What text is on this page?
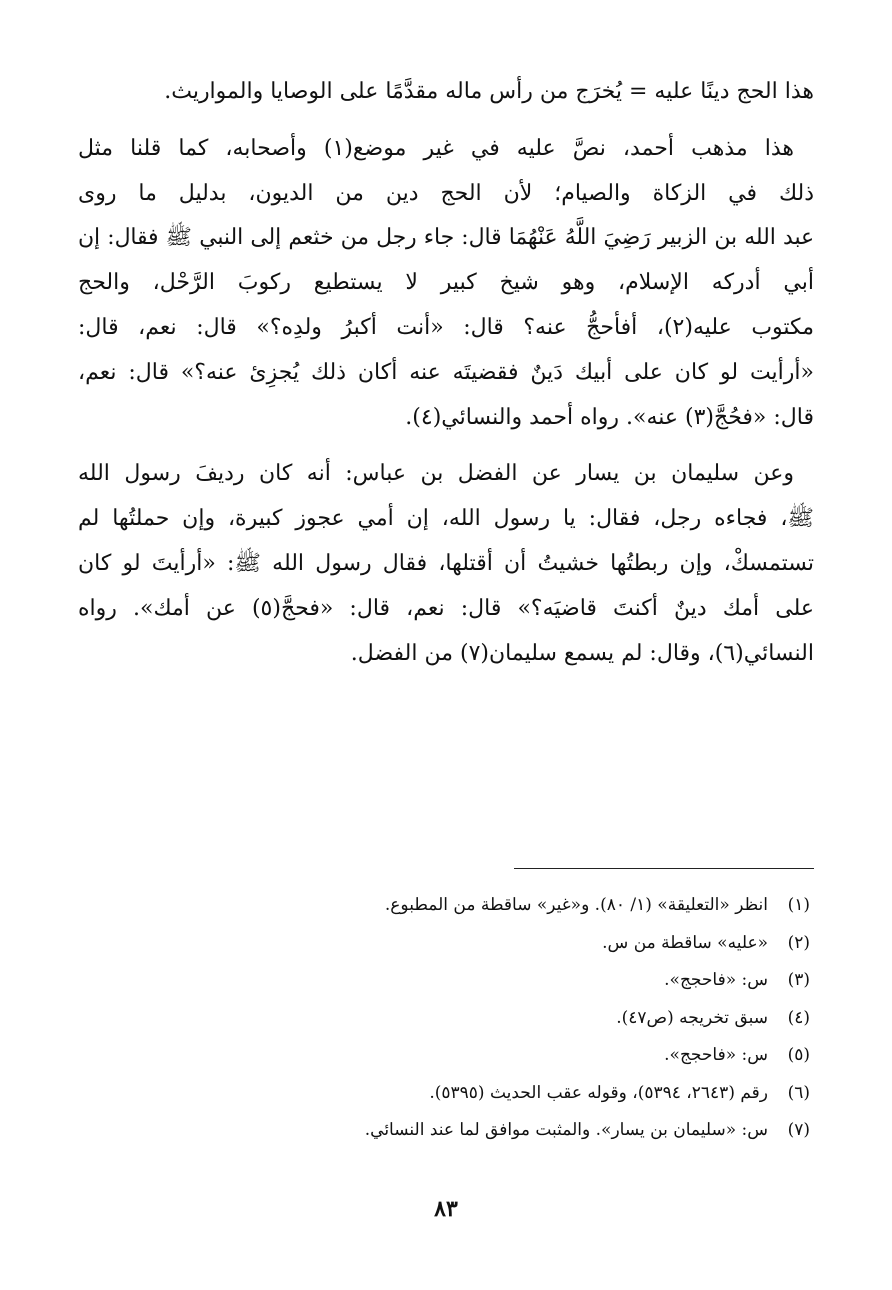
هذا الحج دينًا عليه = يُخرَج من رأس ماله مقدَّمًا على الوصايا والمواريث.

هذا مذهب أحمد، نصَّ عليه في غير موضع(١) وأصحابه، كما قلنا مثل
ذلك في الزكاة والصيام؛ لأن الحج دين من الديون، بدليل ما روى
عبد الله بن الزبير رَضِيَ اللَّهُ عَنْهُمَا قال: جاء رجل من خثعم إلى النبي ﷺ فقال: إن
أبي أدركه الإسلام، وهو شيخ كبير لا يستطيع ركوبَ الرَّحْل، والحج
مكتوب عليه(٢)، أفأحجُّ عنه؟ قال: «أنت أكبرُ ولدِه؟» قال: نعم، قال:
«أرأيت لو كان على أبيك دَينٌ فقضيتَه عنه أكان ذلك يُجزِئ عنه؟» قال: نعم،
قال: «فحُجَّ(٣) عنه». رواه أحمد والنسائي(٤).

وعن سليمان بن يسار عن الفضل بن عباس: أنه كان رديفَ رسول الله
ﷺ، فجاءه رجل، فقال: يا رسول الله، إن أمي عجوز كبيرة، وإن حملتُها لم
تستمسكْ، وإن ربطتُها خشيتُ أن أقتلها، فقال رسول الله ﷺ: «أرأيتَ لو كان
على أمك دينٌ أكنتَ قاضيَه؟» قال: نعم، قال: «فحجَّ(٥) عن أمك». رواه
النسائي(٦)، وقال: لم يسمع سليمان(٧) من الفضل.

(١)
انظر «التعليقة» (١/ ٨٠). و«غير» ساقطة من المطبوع.
(٢)
«عليه» ساقطة من س.
(٣)
س: «فاحجج».
(٤)
سبق تخريجه (ص٤٧).
(٥)
س: «فاحجج».
(٦)
رقم (٢٦٤٣، ٥٣٩٤)، وقوله عقب الحديث (٥٣٩٥).
(٧)
س: «سليمان بن يسار». والمثبت موافق لما عند النسائي.
٨٣
